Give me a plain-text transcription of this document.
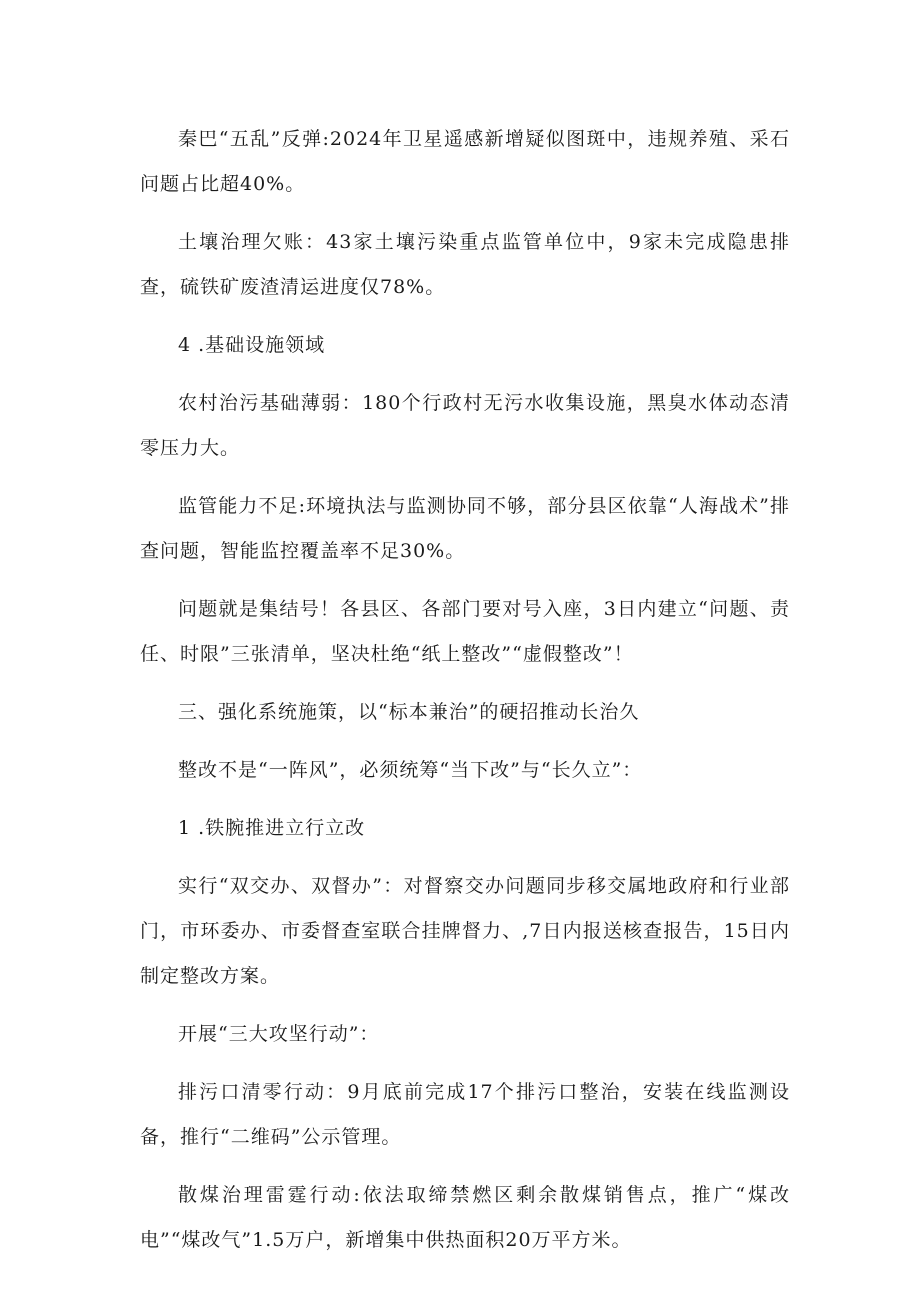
秦巴“五乱”反弹:2024年卫星遥感新增疑似图斑中，违规养殖、采石问题占比超40%。

土壤治理欠账：43家土壤污染重点监管单位中，9家未完成隐患排查，硫铁矿废渣清运进度仅78%。

4 .基础设施领域

农村治污基础薄弱：180个行政村无污水收集设施，黑臭水体动态清零压力大。

监管能力不足:环境执法与监测协同不够，部分县区依靠“人海战术”排查问题，智能监控覆盖率不足30%。

问题就是集结号！各县区、各部门要对号入座，3日内建立“问题、责任、时限”三张清单，坚决杜绝“纸上整改”“虚假整改”！

三、强化系统施策，以“标本兼治”的硬招推动长治久

整改不是“一阵风”，必须统筹“当下改”与“长久立”：

1 .铁腕推进立行立改

实行“双交办、双督办”：对督察交办问题同步移交属地政府和行业部门，市环委办、市委督查室联合挂牌督力、,7日内报送核查报告，15日内制定整改方案。

开展“三大攻坚行动”：

排污口清零行动：9月底前完成17个排污口整治，安装在线监测设备，推行“二维码”公示管理。

散煤治理雷霆行动:依法取缔禁燃区剩余散煤销售点，推广“煤改电”“煤改气”1.5万户，新增集中供热面积20万平方米。
